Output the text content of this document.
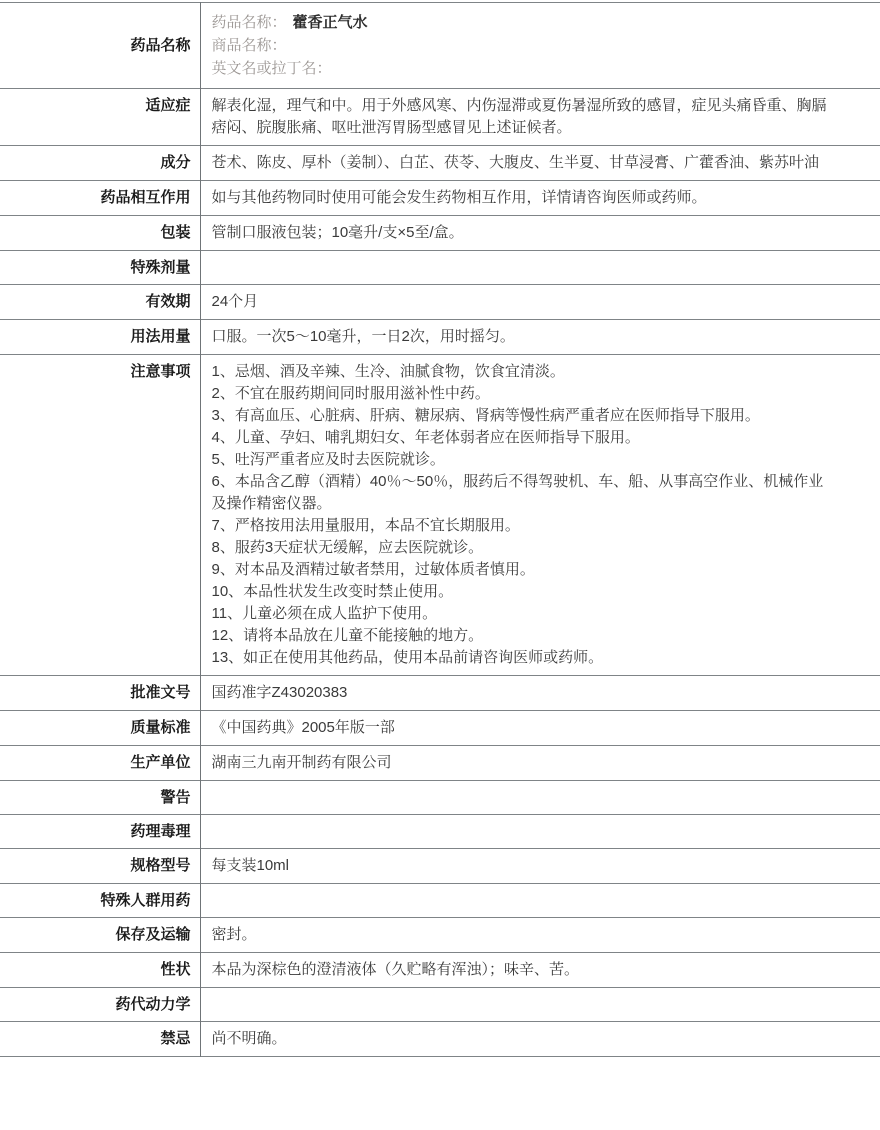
药品名称	药品名称： 藿香正气水
商品名称：
英文名或拉丁名：

适应症	解表化湿，理气和中。用于外感风寒、内伤湿滞或夏伤暑湿所致的感冒，症见头痛昏重、胸膈痞闷、脘腹胀痛、呕吐泄泻胃肠型感冒见上述证候者。

成分	苍术、陈皮、厚朴（姜制）、白芷、茯苓、大腹皮、生半夏、甘草浸膏、广藿香油、紫苏叶油

药品相互作用	如与其他药物同时使用可能会发生药物相互作用，详情请咨询医师或药师。

包装	管制口服液包装；10毫升/支×5至/盒。

特殊剂量	

有效期	24个月

用法用量	口服。一次5～10毫升，一日2次，用时摇匀。

注意事项	1、忌烟、酒及辛辣、生冷、油腻食物，饮食宜清淡。
2、不宜在服药期间同时服用滋补性中药。
3、有高血压、心脏病、肝病、糖尿病、肾病等慢性病严重者应在医师指导下服用。
4、儿童、孕妇、哺乳期妇女、年老体弱者应在医师指导下服用。
5、吐泻严重者应及时去医院就诊。
6、本品含乙醇（酒精）40％～50％，服药后不得驾驶机、车、船、从事高空作业、机械作业及操作精密仪器。
7、严格按用法用量服用，本品不宜长期服用。
8、服药3天症状无缓解，应去医院就诊。
9、对本品及酒精过敏者禁用，过敏体质者慎用。
10、本品性状发生改变时禁止使用。
11、儿童必须在成人监护下使用。
12、请将本品放在儿童不能接触的地方。
13、如正在使用其他药品，使用本品前请咨询医师或药师。

批准文号	国药准字Z43020383

质量标准	《中国药典》2005年版一部

生产单位	湖南三九南开制药有限公司

警告	

药理毒理	

规格型号	每支装10ml

特殊人群用药	

保存及运输	密封。

性状	本品为深棕色的澄清液体（久贮略有浑浊）；味辛、苦。

药代动力学	

禁忌	尚不明确。
